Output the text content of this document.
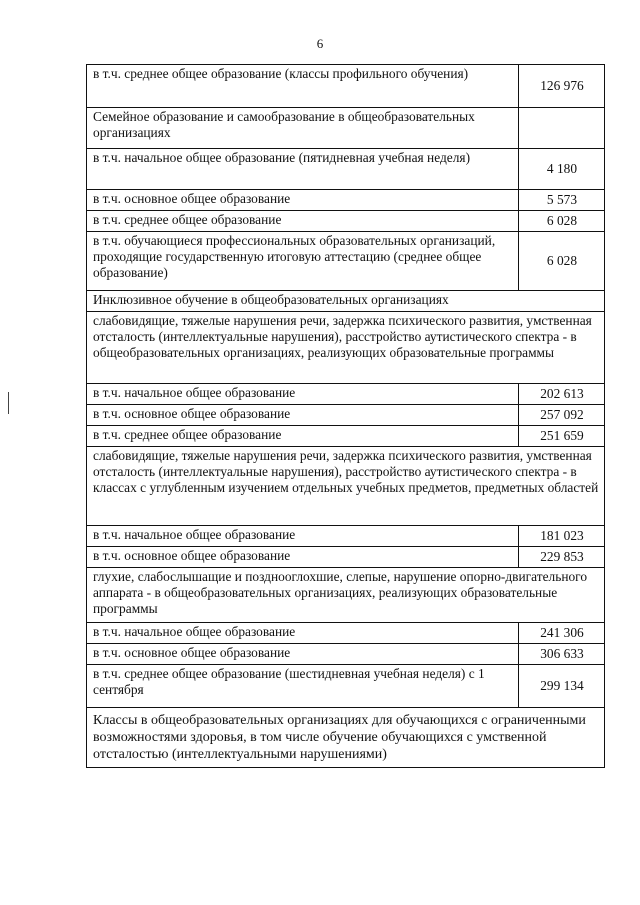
6
в т.ч. среднее общее образование (классы профильного обучения)	126 976
Семейное образование и самообразование в общеобразовательных организациях	
в т.ч. начальное общее образование (пятидневная учебная неделя)	4 180
в т.ч. основное общее образование	5 573
в т.ч. среднее общее образование	6 028
в т.ч. обучающиеся профессиональных образовательных организаций, проходящие государственную итоговую аттестацию (среднее общее образование)	6 028
Инклюзивное обучение в общеобразовательных организациях	
слабовидящие, тяжелые нарушения речи, задержка психического развития, умственная отсталость (интеллектуальные нарушения), расстройство аутистического спектра - в общеобразовательных организациях, реализующих образовательные программы	
в т.ч. начальное общее образование	202 613
в т.ч. основное общее образование	257 092
в т.ч. среднее общее образование	251 659
слабовидящие, тяжелые нарушения речи, задержка психического развития, умственная отсталость (интеллектуальные нарушения), расстройство аутистического спектра - в классах с углубленным изучением отдельных учебных предметов, предметных областей	
в т.ч. начальное общее образование	181 023
в т.ч. основное общее образование	229 853
глухие, слабослышащие и позднооглохшие, слепые, нарушение опорно-двигательного аппарата - в общеобразовательных организациях, реализующих образовательные программы	
в т.ч. начальное общее образование	241 306
в т.ч. основное общее образование	306 633
в т.ч. среднее общее образование (шестидневная учебная неделя) с 1 сентября	299 134
Классы в общеобразовательных организациях для обучающихся с ограниченными возможностями здоровья, в том числе обучение обучающихся с умственной отсталостью (интеллектуальными нарушениями)	
